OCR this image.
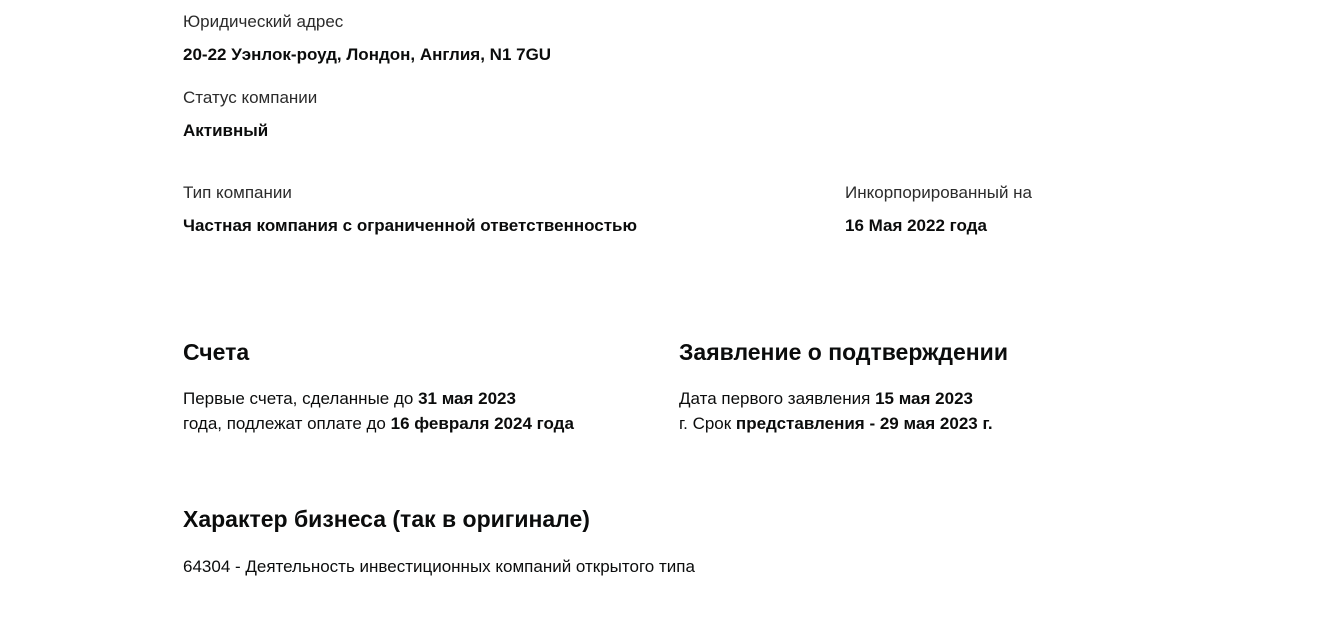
Юридический адрес
20-22 Уэнлок-роуд, Лондон, Англия, N1 7GU
Статус компании
Активный
Тип компании
Частная компания с ограниченной ответственностью
Инкорпорированный на
16 Мая 2022 года
Счета
Первые счета, сделанные до 31 мая 2023
года, подлежат оплате до 16 февраля 2024 года
Заявление о подтверждении
Дата первого заявления 15 мая 2023
г. Срок представления - 29 мая 2023 г.
Характер бизнеса (так в оригинале)
64304 - Деятельность инвестиционных компаний открытого типа
